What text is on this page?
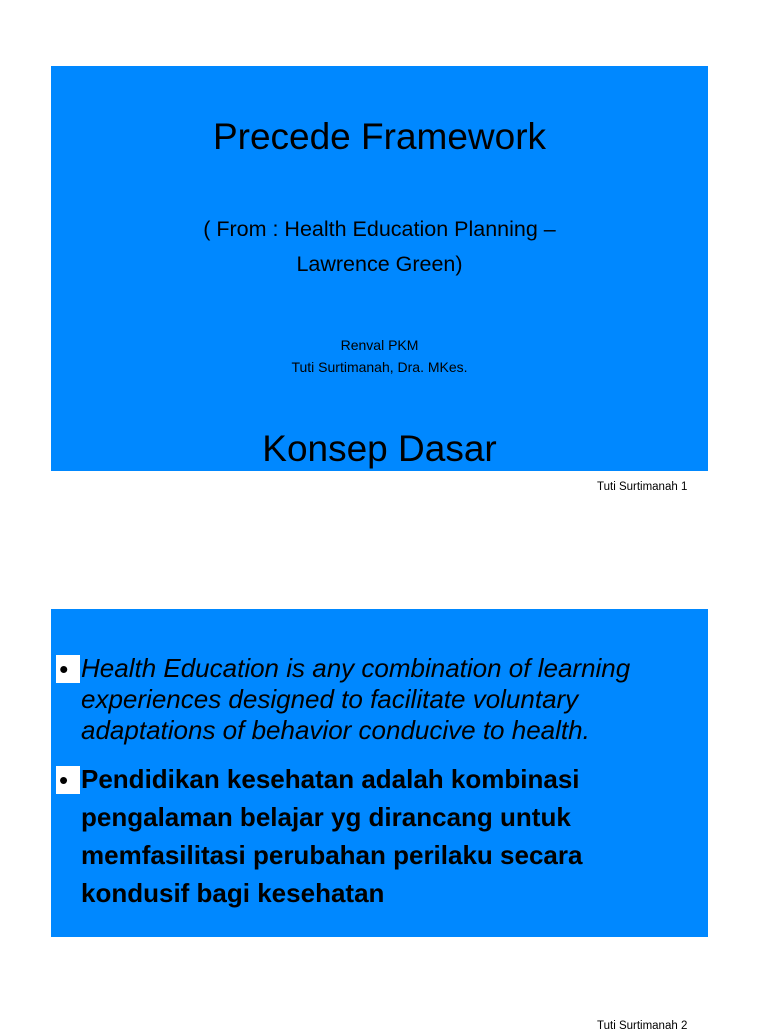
Precede Framework
( From : Health Education Planning –
Lawrence Green)
Renval PKM
Tuti Surtimanah, Dra. MKes.
Konsep Dasar
Tuti Surtimanah 1
• Health Education is any combination of learning experiences designed to facilitate voluntary adaptations of behavior conducive to health.
• Pendidikan kesehatan adalah kombinasi pengalaman belajar yg dirancang untuk memfasilitasi perubahan perilaku secara kondusif bagi kesehatan
Tuti Surtimanah 2
